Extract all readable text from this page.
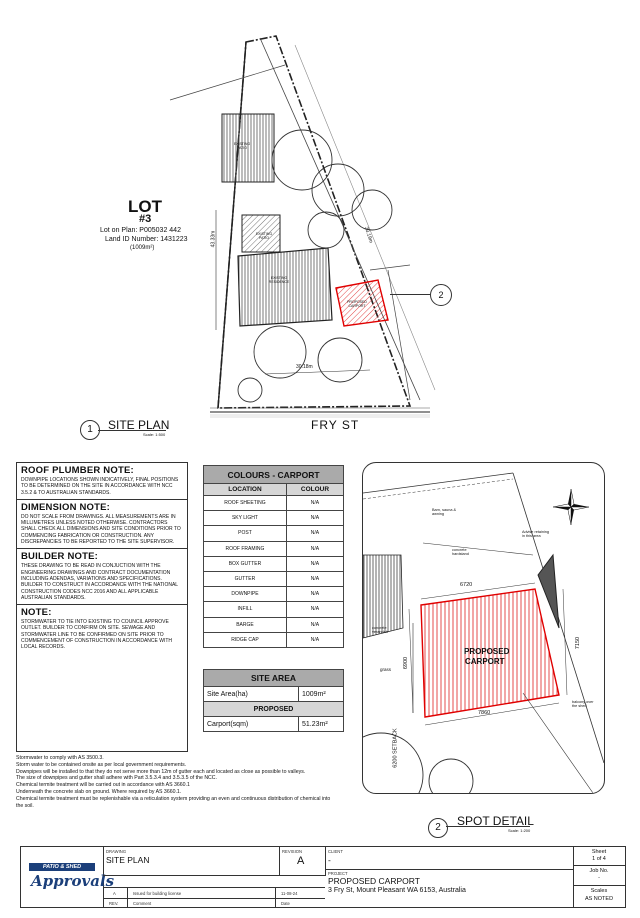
LOT
#3
Lot on Plan: P005032 442
Land ID Number: 1431223
(1009m²)
EXISTING PATIO
EXISTING PATIO
EXISTING RESIDENCE
PROPOSED CARPORT
30.18m
43.33m	33.19m
FRY ST
2
1	SITE PLAN
Scale: 1:500
ROOF PLUMBER NOTE:
DOWNPIPE LOCATIONS SHOWN INDICATIVELY, FINAL POSITIONS TO BE DETERMINED ON THE SITE IN ACCORDANCE WITH NCC 3.5.2 & TO AUSTRALIAN STANDARDS.
DIMENSION NOTE:
DO NOT SCALE FROM DRAWINGS. ALL MEASUREMENTS ARE IN MILLIMETRES UNLESS NOTED OTHERWISE. CONTRACTORS SHALL CHECK ALL DIMENSIONS AND SITE CONDITIONS PRIOR TO COMMENCING FABRICATION OR CONSTRUCTION. ANY DISCREPANCIES TO BE REPORTED TO THE SITE SUPERVISOR.
BUILDER NOTE:
THESE DRAWING TO BE READ IN CONJUCTION WITH THE ENGINEERING DRAWINGS AND CONTRACT DOCUMENTATION INCLUDING ADENDAS, VARIATIONS AND SPECIFICATIONS. BUILDER TO CONSTRUCT IN ACCORDANCE WITH THE NATIONAL CONSTRUCTION CODES NCC 2016 AND ALL APPLICABLE AUSTRALIAN STANDARDS.
NOTE:
STORMWATER TO TIE INTO EXISTING TO COUNCIL APPROVE OUTLET. BUILDER TO CONFIRM ON SITE. SEWAGE AND STORMWATER LINE TO BE CONFIRMED ON SITE PRIOR TO COMMENCEMENT OF CONSTRUCTION IN ACCORDANCE WITH LOCAL RECORDS.
COLOURS - CARPORT	
LOCATION	COLOUR
ROOF SHEETING	N/A
SKY LIGHT	N/A
POST	N/A
ROOF FRAMING	N/A
BOX GUTTER	N/A
GUTTER	N/A
DOWNPIPE	N/A
INFILL	N/A
BARGE	N/A
RIDGE CAP	N/A
SITE AREA	
Site Area(ha)	1009m²
PROPOSED	
Carport(sqm)	51.23m²
PROPOSED
CARPORT
6720
7860
7150
6900
6200 SETBACK
grass
concrete hardstand
concrete verandah
Barn, sauna & awning
Advise retaining in this area
balcony over the shed
2	SPOT DETAIL
Scale: 1:200
Stormwater to comply with AS 3500.3.
Storm water to be contained onsite as per local government requirements.
Downpipes will be installed to that they do not serve more than 12m of gutter each and located as close as possible to valleys.
The size of downpipes and gutter shall adhere with Part 3.5.3.4 and 3.5.3.5 of the NCC.
Chemical termite treatment will be carried out in accordance with AS 3660.1
Underneath the concrete slab on ground. Where required by AS 3660.1.
Chemical termite treatment must be replenishable via a reticulation system providing an even and continuous distribution of chemical into the soil.
PATIO & SHED
Approvals
DRAWING
SITE PLAN
REVISION
A
A	Issued for building license	11-08-24
REV.	Comment	Date
CLIENT
-
PROJECT
PROPOSED CARPORT
3 Fry St, Mount Pleasant WA 6153, Australia
Sheet
1 of 4
Job No.
-
Scales
AS NOTED
